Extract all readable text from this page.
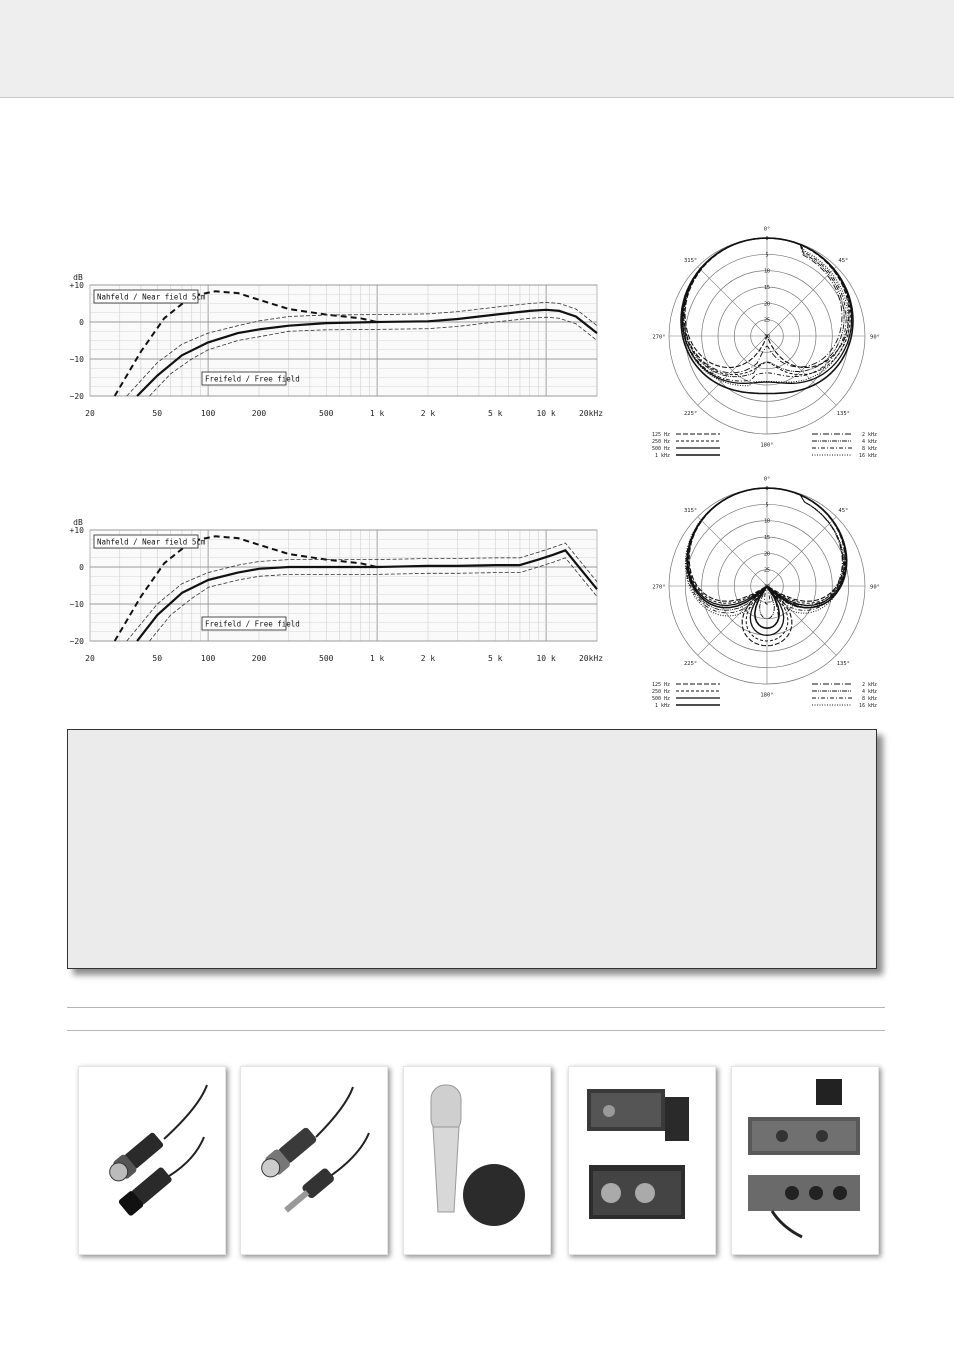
dB
+10
0
−10
−20
20	50	100	200	500	1 k	2 k	5 k	10 k	20kHz
Nahfeld / Near field 5cm
Freifeld / Free field
dB
+10
0
−10
−20
20	50	100	200	500	1 k	2 k	5 k	10 k	20kHz
Nahfeld / Near field 5cm
Freifeld / Free field
0°
45°
90°
135°
180°
225°
270°
315°
0
5
10
15
20
25
30
125 Hz
250 Hz
500 Hz
1 kHz
2 kHz
4 kHz
8 kHz
16 kHz
0°
45°
90°
135°
180°
225°
270°
315°
0
5
10
15
20
25
30
125 Hz
250 Hz
500 Hz
1 kHz
2 kHz
4 kHz
8 kHz
16 kHz
